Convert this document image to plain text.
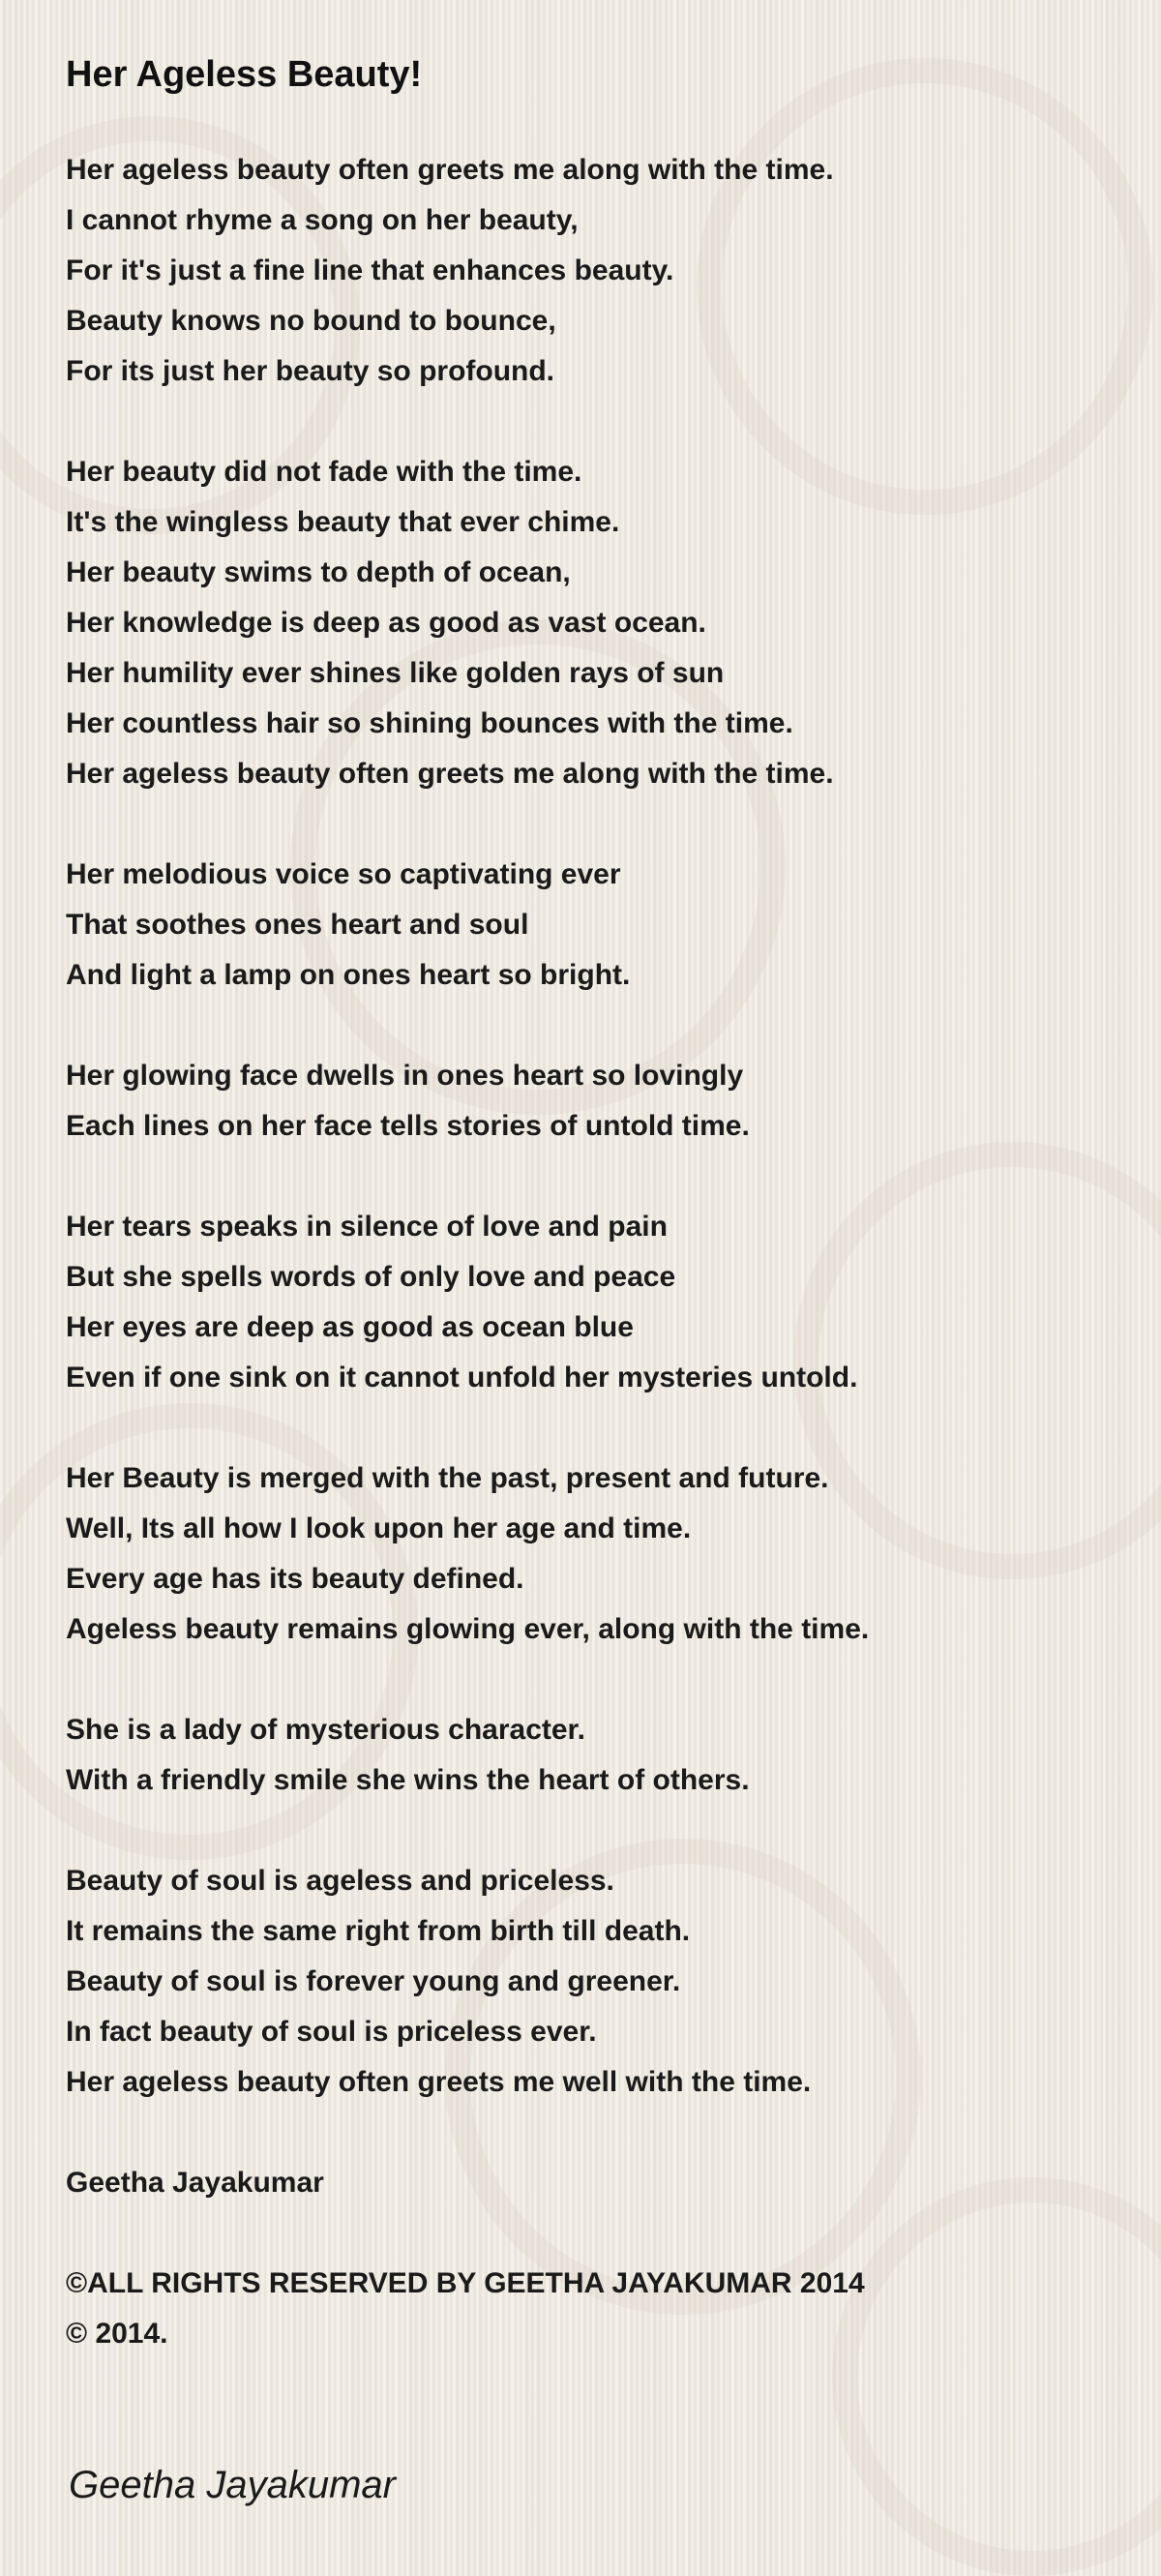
Her Ageless Beauty!
Her ageless beauty often greets me along with the time.
I cannot rhyme a song on her beauty,
For it's just a fine line that enhances beauty.
Beauty knows no bound to bounce,
For its just her beauty so profound.
Her beauty did not fade with the time.
It's the wingless beauty that ever chime.
Her beauty swims to depth of ocean,
Her knowledge is deep as good as vast ocean.
Her humility ever shines like golden rays of sun
Her countless hair so shining bounces with the time.
Her ageless beauty often greets me along with the time.
Her melodious voice so captivating ever
That soothes ones heart and soul
And light a lamp on ones heart so bright.
Her glowing face dwells in ones heart so lovingly
Each lines on her face tells stories of untold time.
Her tears speaks in silence of love and pain
But she spells words of only love and peace
Her eyes are deep as good as ocean blue
Even if one sink on it cannot unfold her mysteries untold.
Her Beauty is merged with the past, present and future.
Well, Its all how I look upon her age and time.
Every age has its beauty defined.
Ageless beauty remains glowing ever, along with the time.
She is a lady of mysterious character.
With a friendly smile she wins the heart of others.
Beauty of soul is ageless and priceless.
It remains the same right from birth till death.
Beauty of soul is forever young and greener.
In fact beauty of soul is priceless ever.
Her ageless beauty often greets me well with the time.
Geetha Jayakumar
©ALL RIGHTS RESERVED BY GEETHA JAYAKUMAR 2014
© 2014.
Geetha Jayakumar
